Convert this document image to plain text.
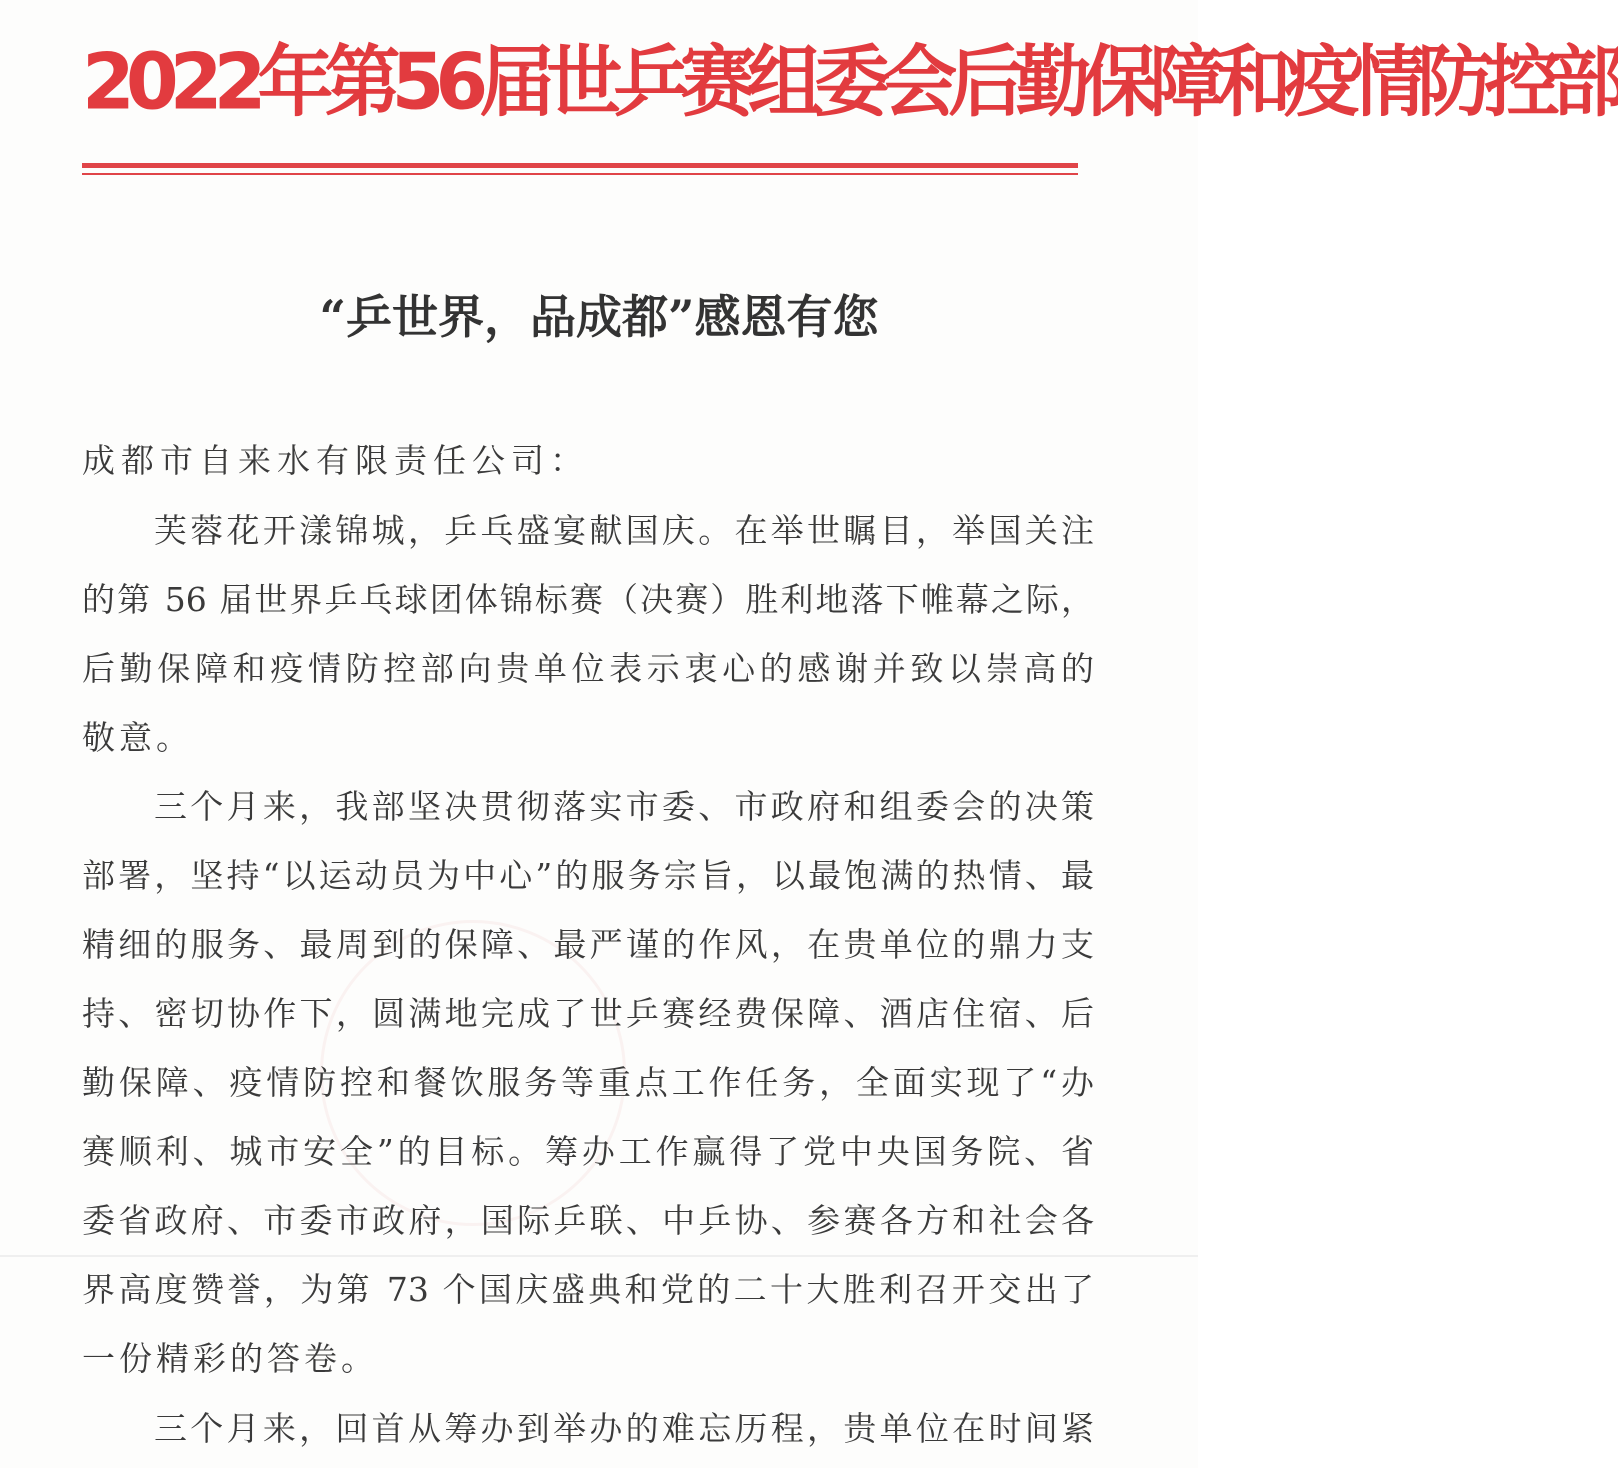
2022年第56届世乒赛组委会后勤保障和疫情防控部
“乒世界，品成都”感恩有您
成都市自来水有限责任公司：
芙蓉花开漾锦城，乒乓盛宴献国庆。在举世瞩目，举国关注
的第 56 届世界乒乓球团体锦标赛（决赛）胜利地落下帷幕之际，
后勤保障和疫情防控部向贵单位表示衷心的感谢并致以崇高的
敬意。
三个月来，我部坚决贯彻落实市委、市政府和组委会的决策
部署，坚持“以运动员为中心”的服务宗旨，以最饱满的热情、最
精细的服务、最周到的保障、最严谨的作风，在贵单位的鼎力支
持、密切协作下，圆满地完成了世乒赛经费保障、酒店住宿、后
勤保障、疫情防控和餐饮服务等重点工作任务，全面实现了“办
赛顺利、城市安全”的目标。筹办工作赢得了党中央国务院、省
委省政府、市委市政府，国际乒联、中乒协、参赛各方和社会各
界高度赞誉，为第 73 个国庆盛典和党的二十大胜利召开交出了
一份精彩的答卷。
三个月来，回首从筹办到举办的难忘历程，贵单位在时间紧
